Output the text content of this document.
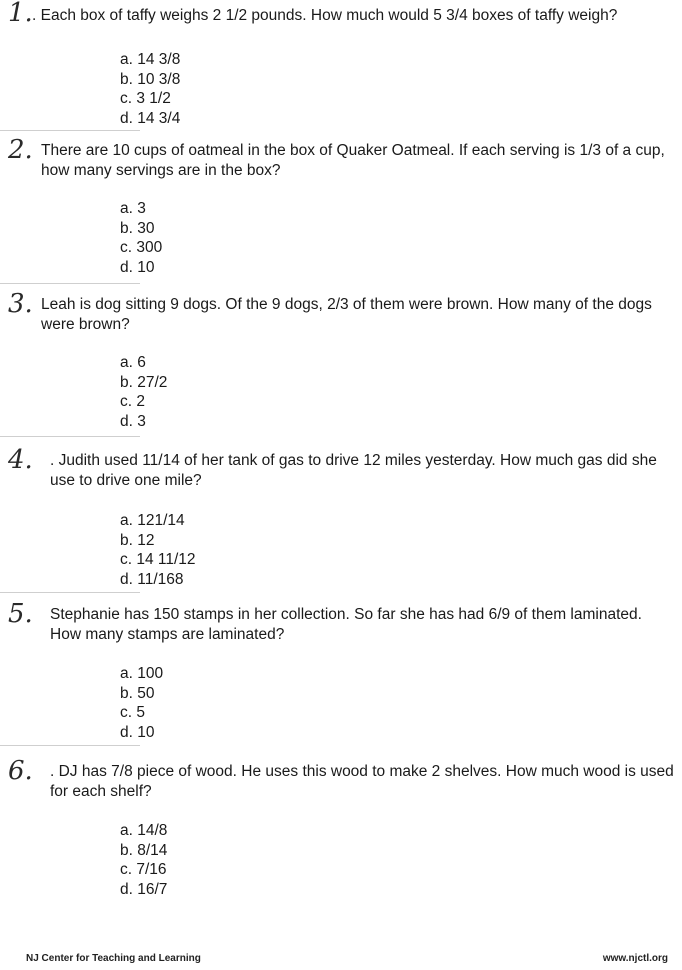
1. . Each box of taffy weighs 2 1/2 pounds. How much would 5 3/4 boxes of taffy weigh?
a. 14 3/8
b. 10 3/8
c. 3 1/2
d. 14 3/4
2. There are 10 cups of oatmeal in the box of Quaker Oatmeal. If each serving is 1/3 of a cup, how many servings are in the box?
a. 3
b. 30
c. 300
d. 10
3. Leah is dog sitting 9 dogs. Of the 9 dogs, 2/3 of them were brown. How many of the dogs were brown?
a. 6
b. 27/2
c. 2
d. 3
4.	. Judith used 11/14 of her tank of gas to drive 12 miles yesterday. How much gas did she use to drive one mile?
a. 121/14
b. 12
c. 14 11/12
d. 11/168
5.	Stephanie has 150 stamps in her collection. So far she has had 6/9 of them laminated. How many stamps are laminated?
a. 100
b. 50
c. 5
d. 10
6.	. DJ has 7/8 piece of wood. He uses this wood to make 2 shelves. How much wood is used for each shelf?
a. 14/8
b. 8/14
c. 7/16
d. 16/7
NJ Center for Teaching and Learning	www.njctl.org
